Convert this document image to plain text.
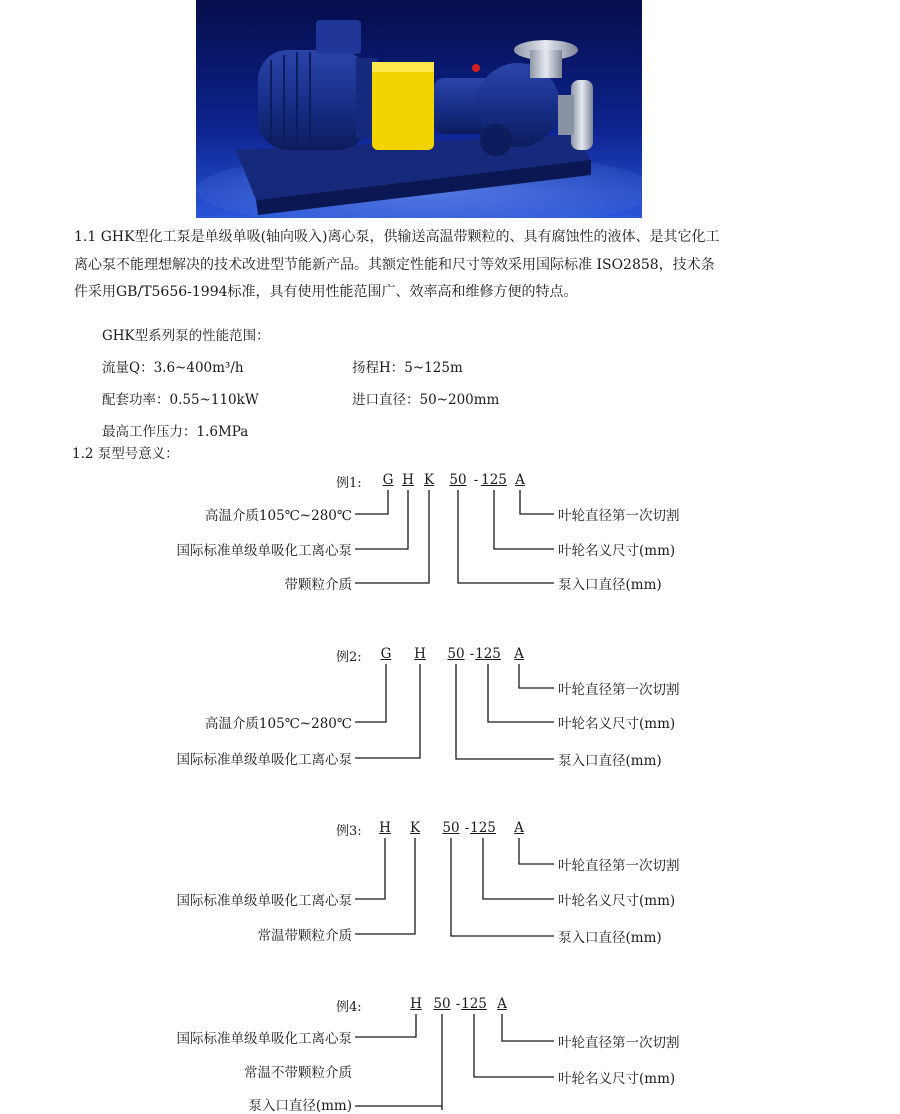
1.1 GHK型化工泵是单级单吸(轴向吸入)离心泵，供输送高温带颗粒的、具有腐蚀性的液体、是其它化工
离心泵不能理想解决的技术改进型节能新产品。其额定性能和尺寸等效采用国际标准 ISO2858，技术条
件采用GB/T5656-1994标准，具有使用性能范围广、效率高和维修方便的特点。

GHK型系列泵的性能范围：
流量Q：3.6~400m³/h	扬程H：5~125m
配套功率：0.55~110kW	进口直径：50~200mm
最高工作压力：1.6MPa
1.2 泵型号意义：
例1: G H K 50 - 125 A
高温介质105℃~280℃
国际标准单级单吸化工离心泵
带颗粒介质
叶轮直径第一次切割
叶轮名义尺寸(mm)
泵入口直径(mm)
例2: G H 50 - 125 A
高温介质105℃~280℃
国际标准单级单吸化工离心泵
叶轮直径第一次切割
叶轮名义尺寸(mm)
泵入口直径(mm)
例3: H K 50 - 125 A
国际标准单级单吸化工离心泵
常温带颗粒介质
叶轮直径第一次切割
叶轮名义尺寸(mm)
泵入口直径(mm)
例4:	H 50 - 125 A
国际标准单级单吸化工离心泵
常温不带颗粒介质
泵入口直径(mm)
叶轮直径第一次切割
叶轮名义尺寸(mm)
